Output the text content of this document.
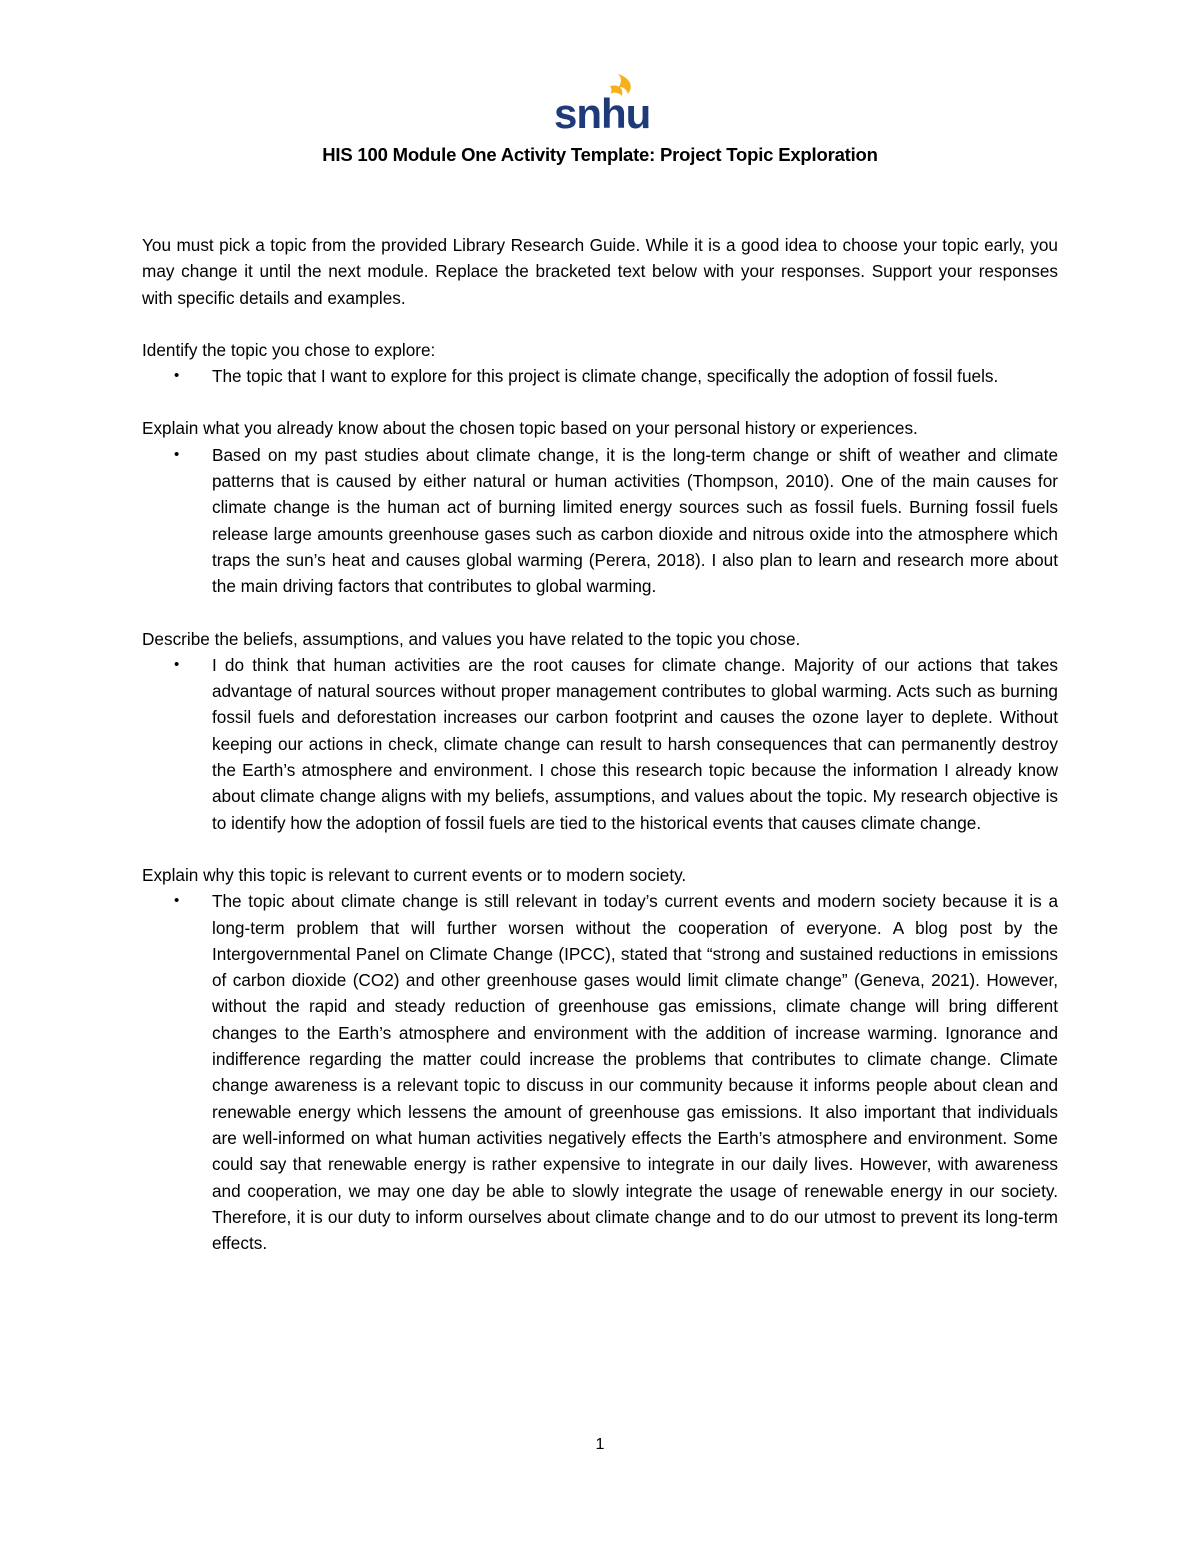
snhu
HIS 100 Module One Activity Template: Project Topic Exploration

You must pick a topic from the provided Library Research Guide. While it is a good idea to choose your topic early, you may change it until the next module. Replace the bracketed text below with your responses. Support your responses with specific details and examples.

Identify the topic you chose to explore:

• The topic that I want to explore for this project is climate change, specifically the adoption of fossil fuels.

Explain what you already know about the chosen topic based on your personal history or experiences.

• Based on my past studies about climate change, it is the long-term change or shift of weather and climate patterns that is caused by either natural or human activities (Thompson, 2010). One of the main causes for climate change is the human act of burning limited energy sources such as fossil fuels. Burning fossil fuels release large amounts greenhouse gases such as carbon dioxide and nitrous oxide into the atmosphere which traps the sun’s heat and causes global warming (Perera, 2018). I also plan to learn and research more about the main driving factors that contributes to global warming.

Describe the beliefs, assumptions, and values you have related to the topic you chose.

• I do think that human activities are the root causes for climate change. Majority of our actions that takes advantage of natural sources without proper management contributes to global warming. Acts such as burning fossil fuels and deforestation increases our carbon footprint and causes the ozone layer to deplete. Without keeping our actions in check, climate change can result to harsh consequences that can permanently destroy the Earth’s atmosphere and environment. I chose this research topic because the information I already know about climate change aligns with my beliefs, assumptions, and values about the topic. My research objective is to identify how the adoption of fossil fuels are tied to the historical events that causes climate change.

Explain why this topic is relevant to current events or to modern society.

• The topic about climate change is still relevant in today’s current events and modern society because it is a long-term problem that will further worsen without the cooperation of everyone. A blog post by the Intergovernmental Panel on Climate Change (IPCC), stated that “strong and sustained reductions in emissions of carbon dioxide (CO2) and other greenhouse gases would limit climate change” (Geneva, 2021). However, without the rapid and steady reduction of greenhouse gas emissions, climate change will bring different changes to the Earth’s atmosphere and environment with the addition of increase warming. Ignorance and indifference regarding the matter could increase the problems that contributes to climate change. Climate change awareness is a relevant topic to discuss in our community because it informs people about clean and renewable energy which lessens the amount of greenhouse gas emissions. It also important that individuals are well-informed on what human activities negatively effects the Earth’s atmosphere and environment. Some could say that renewable energy is rather expensive to integrate in our daily lives. However, with awareness and cooperation, we may one day be able to slowly integrate the usage of renewable energy in our society. Therefore, it is our duty to inform ourselves about climate change and to do our utmost to prevent its long-term effects.

1
